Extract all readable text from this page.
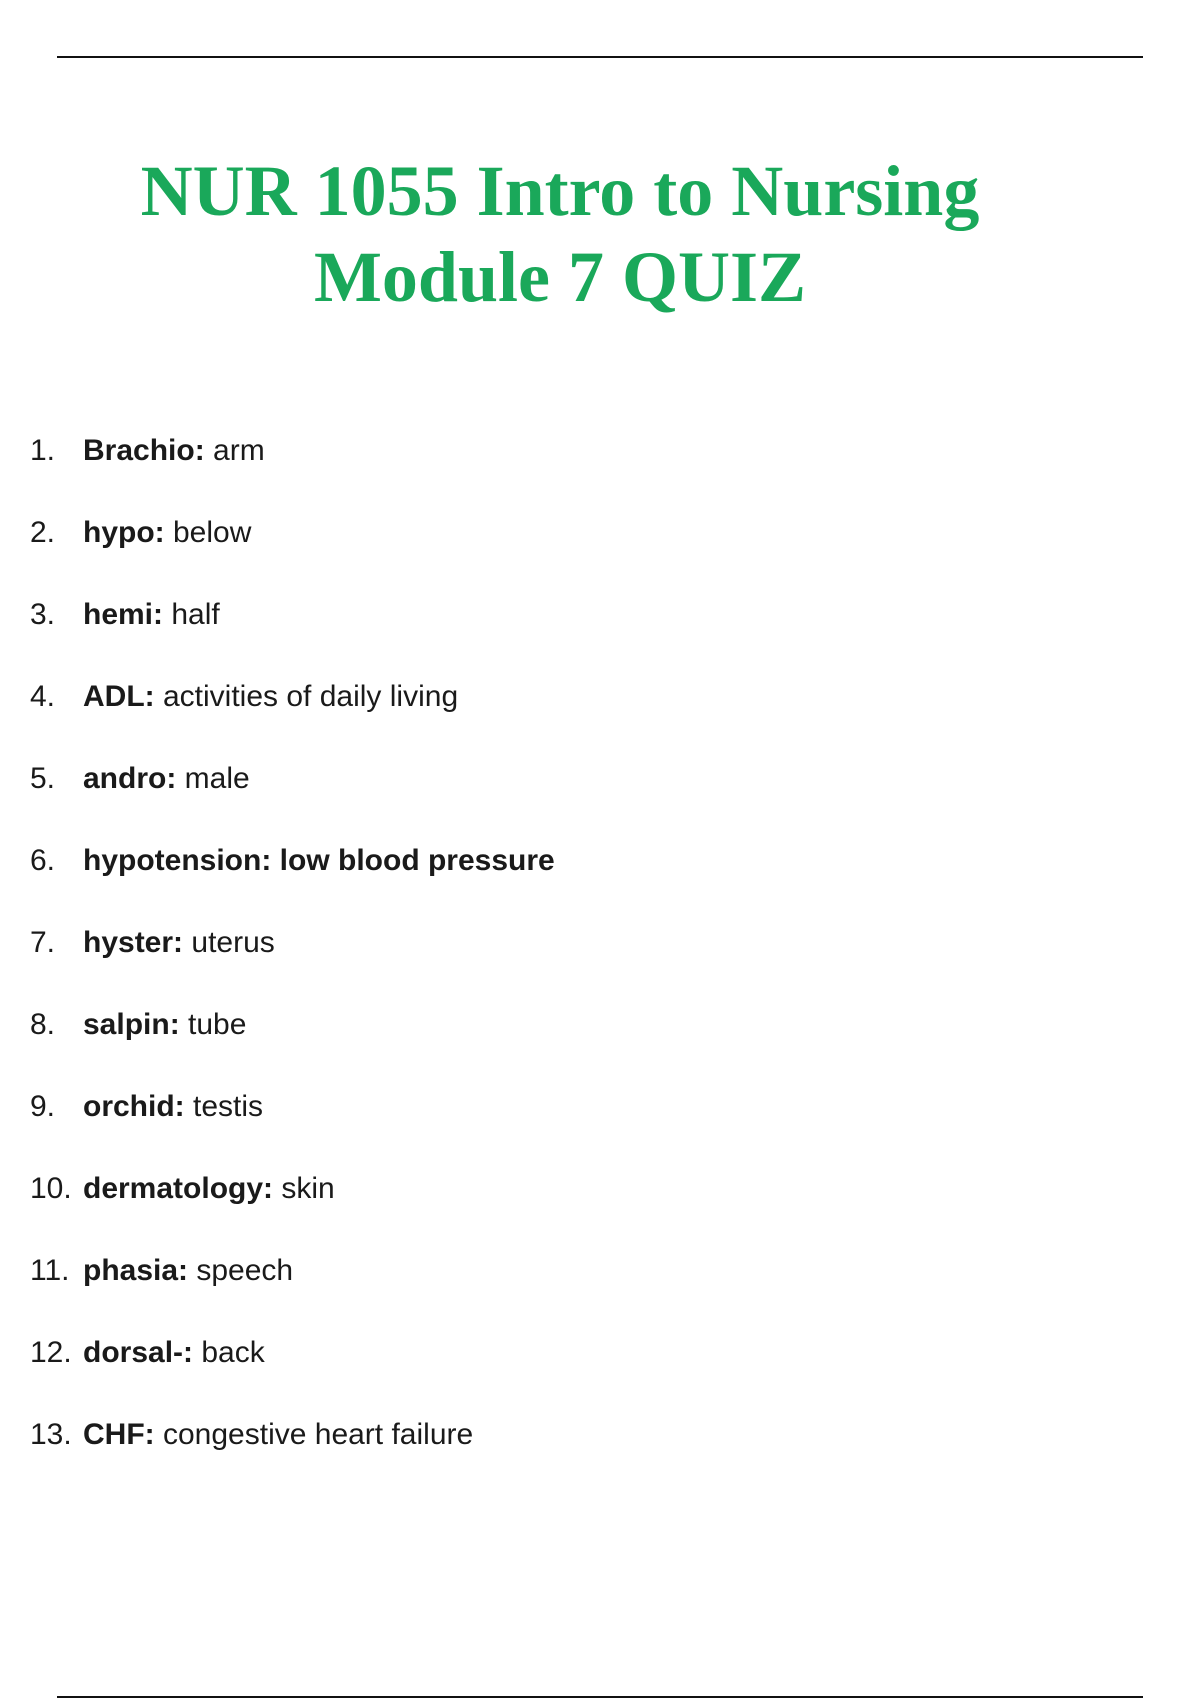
NUR 1055 Intro to Nursing
Module 7 QUIZ
1. Brachio: arm
2. hypo: below
3. hemi: half
4. ADL: activities of daily living
5. andro: male
6. hypotension: low blood pressure
7. hyster: uterus
8. salpin: tube
9. orchid: testis
10. dermatology: skin
11. phasia: speech
12. dorsal-: back
13. CHF: congestive heart failure
